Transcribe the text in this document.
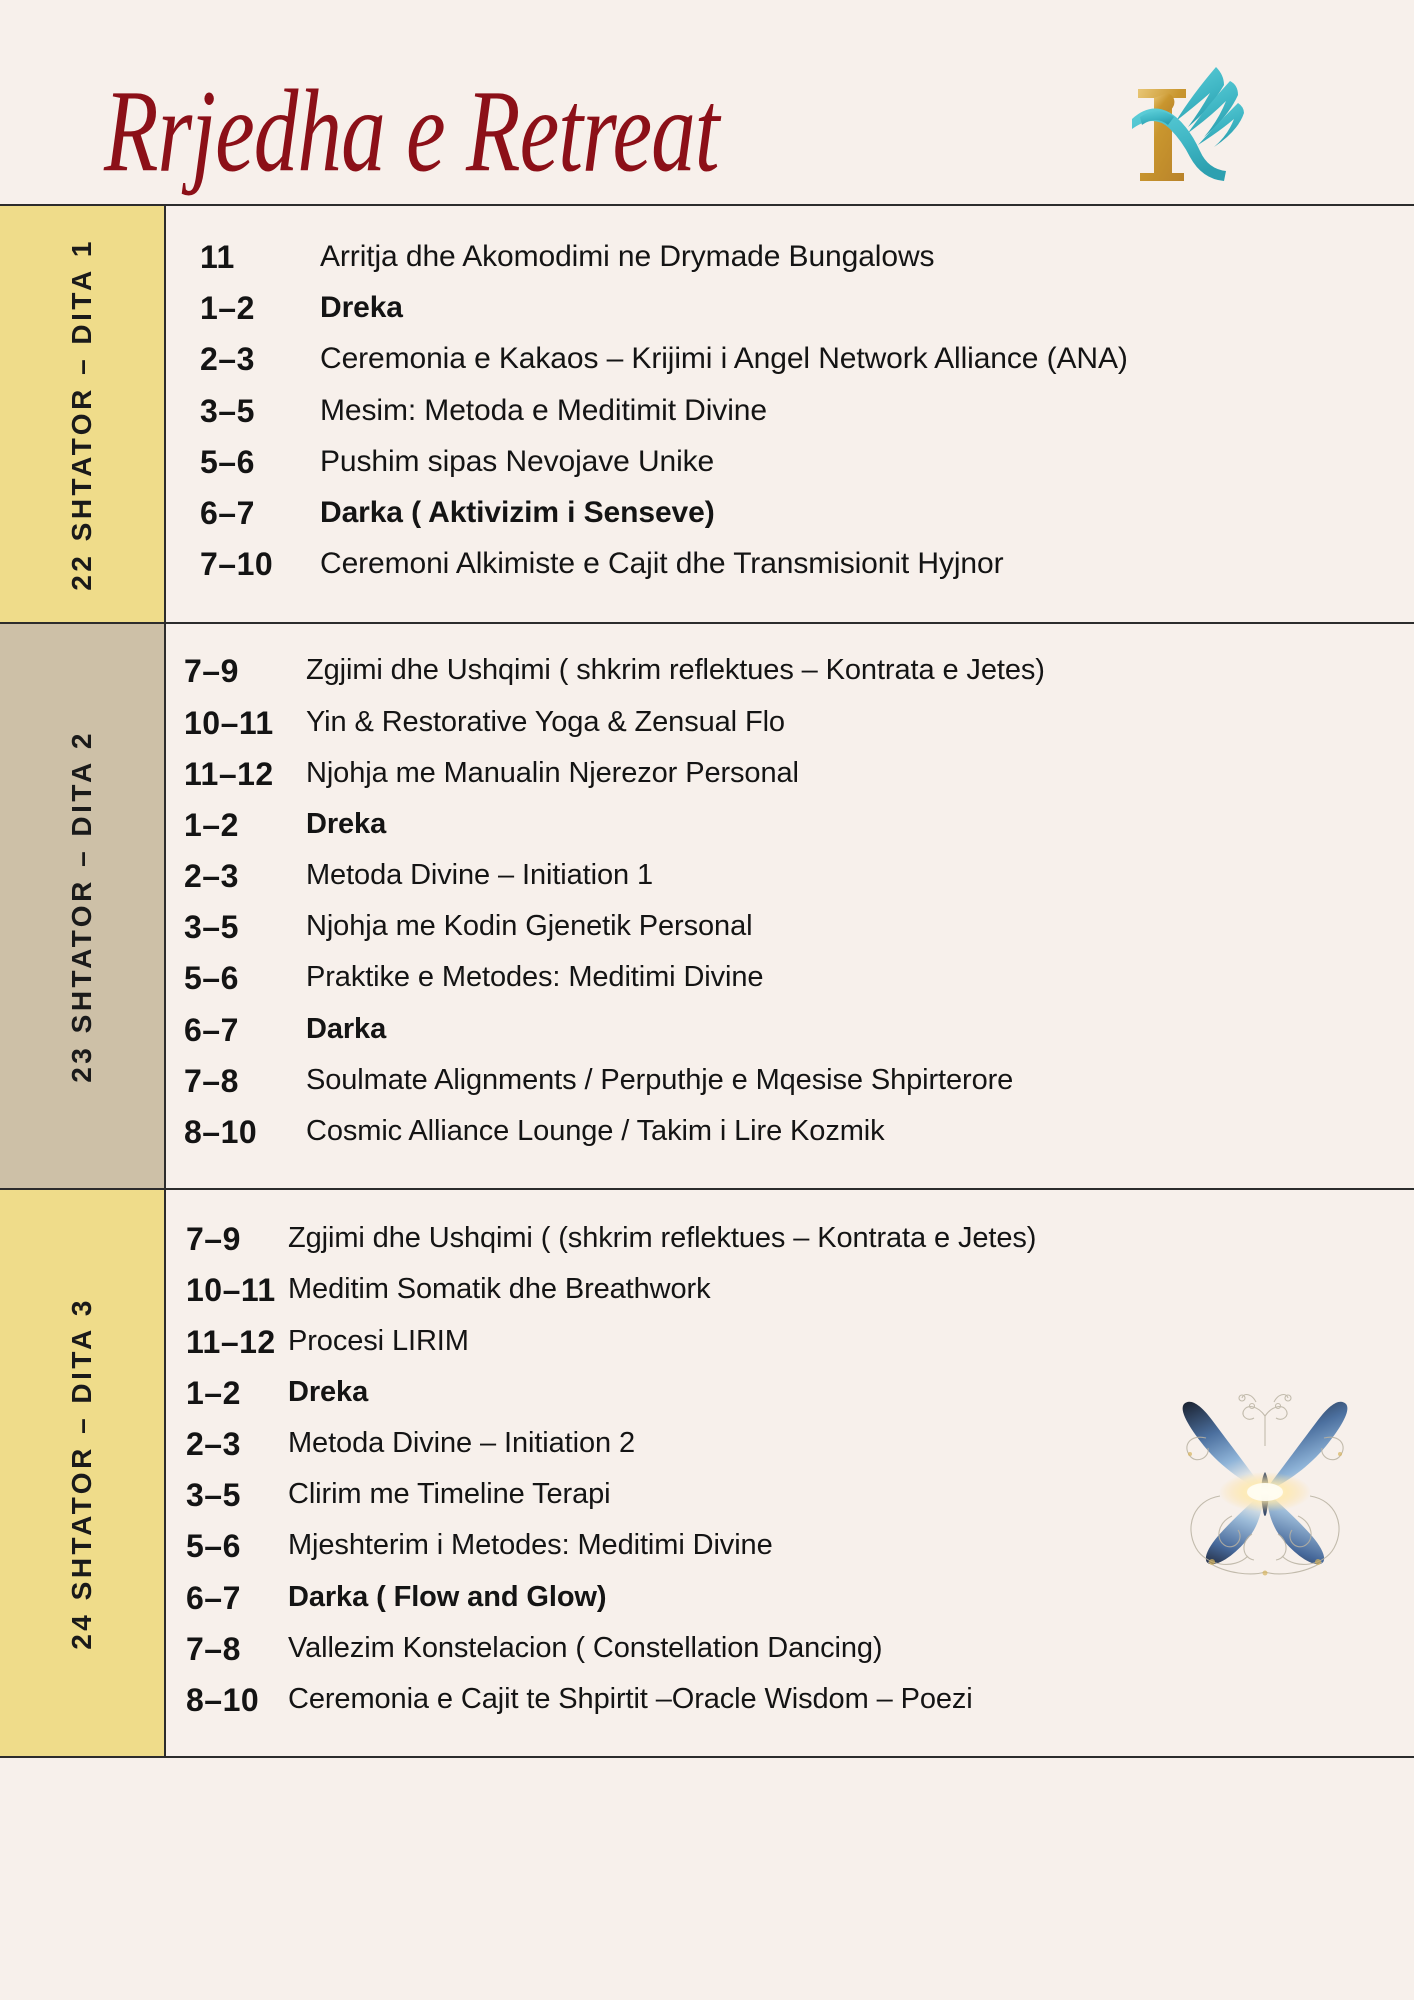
Rrjedha e Retreat
22 SHTATOR – DITA 1	11	Arritja dhe Akomodimi ne Drymade Bungalows
1–2	Dreka
2–3	Ceremonia e Kakaos – Krijimi i Angel Network Alliance (ANA)
3–5	Mesim: Metoda e Meditimit Divine
5–6	Pushim sipas Nevojave Unike
6–7	Darka ( Aktivizim i Senseve)
7–10	Ceremoni Alkimiste e Cajit dhe Transmisionit Hyjnor
23 SHTATOR – DITA 2
7–9	Zgjimi dhe Ushqimi ( shkrim reflektues – Kontrata e Jetes)
10–11	Yin & Restorative Yoga & Zensual Flo
11–12	Njohja me Manualin Njerezor Personal
1–2	Dreka
2–3	Metoda Divine – Initiation 1
3–5	Njohja me Kodin Gjenetik Personal
5–6	Praktike e Metodes: Meditimi Divine
6–7	Darka
7–8	Soulmate Alignments / Perputhje e Mqesise Shpirterore
8–10	Cosmic Alliance Lounge / Takim i Lire Kozmik
24 SHTATOR – DITA 3
7–9	Zgjimi dhe Ushqimi ( (shkrim reflektues – Kontrata e Jetes)
10–11 Meditim Somatik dhe Breathwork
11–12 Procesi LIRIM
1–2	Dreka
2–3	Metoda Divine – Initiation 2
3–5	Clirim me Timeline Terapi
5–6	Mjeshterim i Metodes: Meditimi Divine
6–7	Darka ( Flow and Glow)
7–8	Vallezim Konstelacion ( Constellation Dancing)
8–10 Ceremonia e Cajit te Shpirtit –Oracle Wisdom – Poezi
